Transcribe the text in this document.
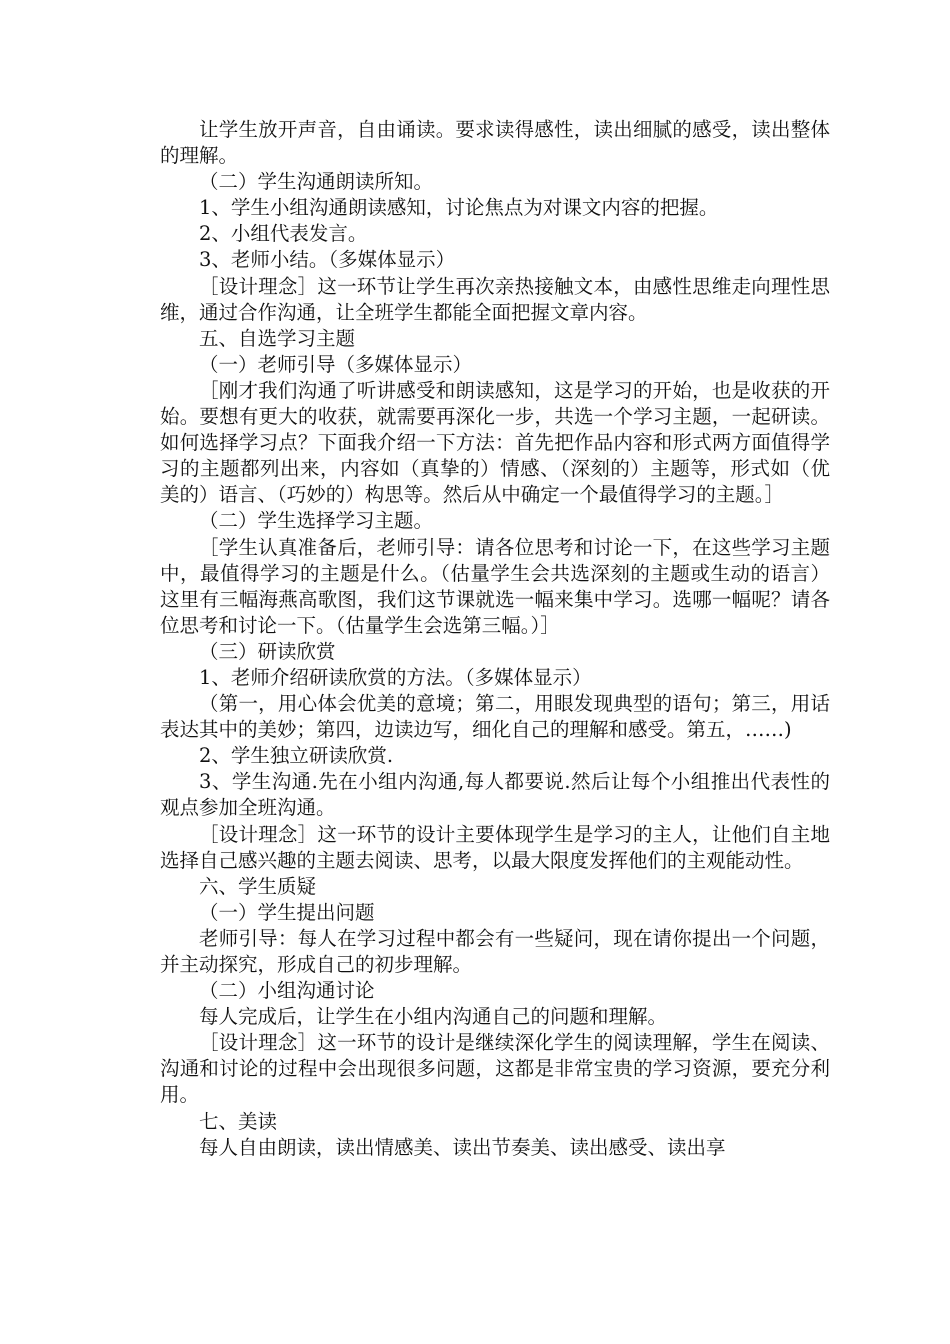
让学生放开声音，自由诵读。要求读得感性，读出细腻的感受，读出整体的理解。

（二）学生沟通朗读所知。

1、学生小组沟通朗读感知，讨论焦点为对课文内容的把握。

2、小组代表发言。

3、老师小结。（多媒体显示）

［设计理念］这一环节让学生再次亲热接触文本，由感性思维走向理性思维，通过合作沟通，让全班学生都能全面把握文章内容。

五、自选学习主题

（一）老师引导（多媒体显示）

［刚才我们沟通了听讲感受和朗读感知，这是学习的开始，也是收获的开始。要想有更大的收获，就需要再深化一步，共选一个学习主题，一起研读。如何选择学习点？下面我介绍一下方法：首先把作品内容和形式两方面值得学习的主题都列出来，内容如（真挚的）情感、（深刻的）主题等，形式如（优美的）语言、（巧妙的）构思等。然后从中确定一个最值得学习的主题。］

（二）学生选择学习主题。

［学生认真准备后，老师引导：请各位思考和讨论一下，在这些学习主题中，最值得学习的主题是什么。（估量学生会共选深刻的主题或生动的语言）这里有三幅海燕高歌图，我们这节课就选一幅来集中学习。选哪一幅呢？请各位思考和讨论一下。（估量学生会选第三幅。）］

（三）研读欣赏

1、老师介绍研读欣赏的方法。（多媒体显示）

（第一，用心体会优美的意境；第二，用眼发现典型的语句；第三，用话表达其中的美妙；第四，边读边写，细化自己的理解和感受。第五，……)

2、学生独立研读欣赏.

3、学生沟通.先在小组内沟通,每人都要说.然后让每个小组推出代表性的观点参加全班沟通。

［设计理念］这一环节的设计主要体现学生是学习的主人，让他们自主地选择自己感兴趣的主题去阅读、思考，以最大限度发挥他们的主观能动性。

六、学生质疑

（一）学生提出问题

老师引导：每人在学习过程中都会有一些疑问，现在请你提出一个问题，并主动探究，形成自己的初步理解。

（二）小组沟通讨论

每人完成后，让学生在小组内沟通自己的问题和理解。

［设计理念］这一环节的设计是继续深化学生的阅读理解，学生在阅读、沟通和讨论的过程中会出现很多问题，这都是非常宝贵的学习资源，要充分利用。

七、美读

每人自由朗读，读出情感美、读出节奏美、读出感受、读出享
